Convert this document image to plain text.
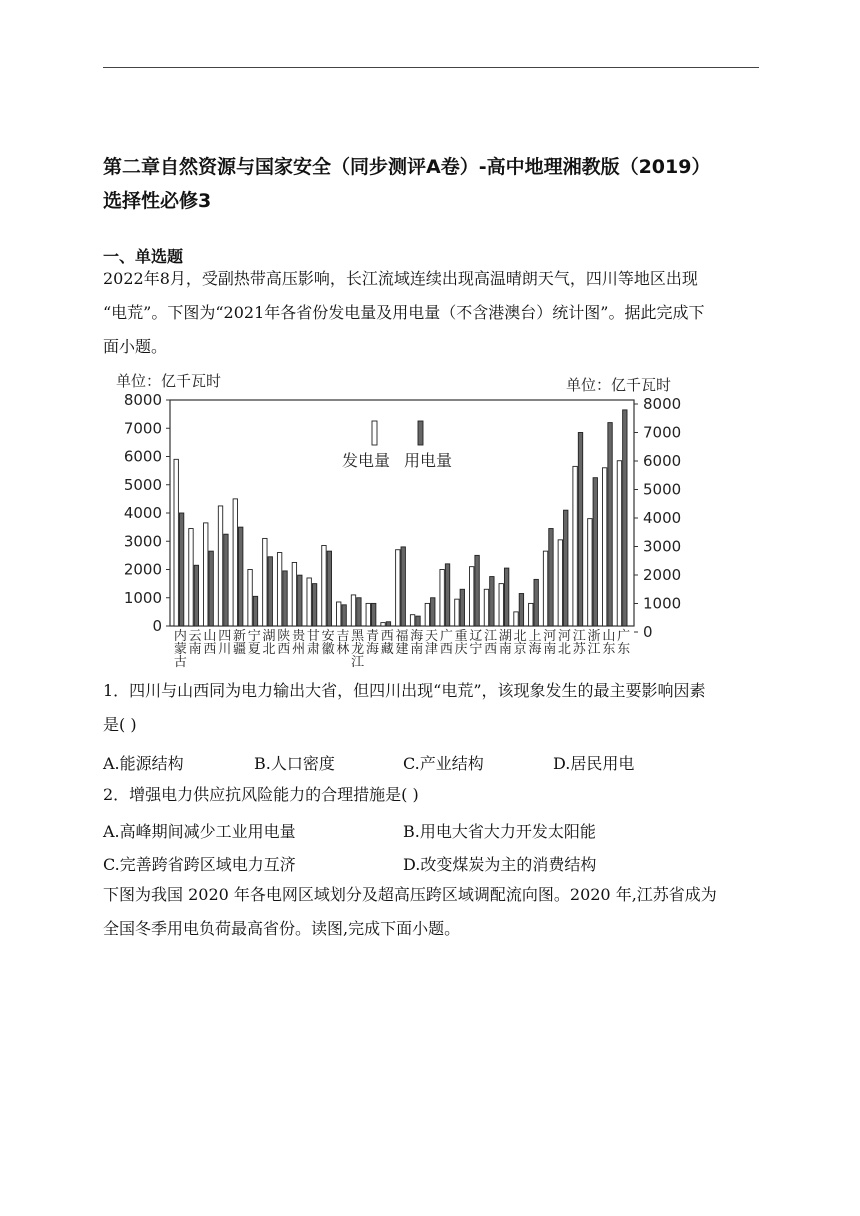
第二章自然资源与国家安全（同步测评A卷）-高中地理湘教版（2019）
选择性必修3
一、单选题
2022年8月，受副热带高压影响，长江流域连续出现高温晴朗天气，四川等地区出现
“电荒”。下图为“2021年各省份发电量及用电量（不含港澳台）统计图”。据此完成下
面小题。
单位：亿千瓦时	单位：亿千瓦时
0	0
1000	1000
2000	2000
3000	3000
4000	4000
5000	5000
6000	6000
7000	7000
8000	8000
内蒙古
云南
山西
四川
新疆
宁夏
湖北
陕西
贵州
甘肃
安徽
吉林
黑龙江
青海
西藏
福建
海南
天津
广西
重庆
辽宁
江西
湖南
北京
上海
河南
河北
江苏
浙江
山东
广东
发电量 用电量
1．四川与山西同为电力输出大省，但四川出现“电荒”，该现象发生的最主要影响因素
是( )
A.能源结构	B.人口密度	C.产业结构	D.居民用电
2．增强电力供应抗风险能力的合理措施是( )
A.高峰期间减少工业用电量	B.用电大省大力开发太阳能
C.完善跨省跨区域电力互济	D.改变煤炭为主的消费结构
下图为我国 2020 年各电网区域划分及超高压跨区域调配流向图。2020 年,江苏省成为
全国冬季用电负荷最高省份。读图,完成下面小题。
